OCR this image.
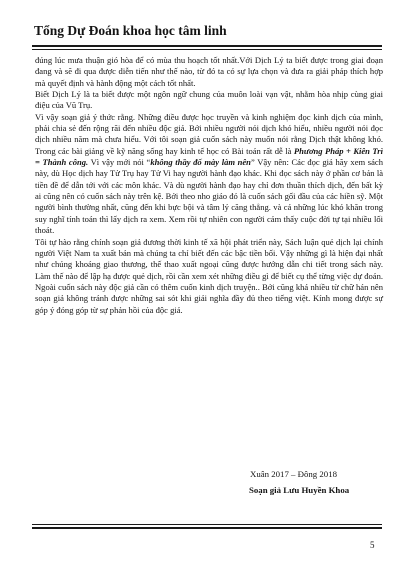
Tổng Dự Đoán khoa học tâm linh

đúng lúc mưa thuận gió hòa để có mùa thu hoạch tốt nhất.Với Dịch Lý ta biết được trong giai đoạn đang và sẽ đi qua được diễn tiến như thế nào, từ đó ta có sự lựa chọn và đưa ra giải pháp thích hợp mà quyết định và hành động một cách tốt nhất.

Biết Dịch Lý là ta biết được một ngôn ngữ chung của muôn loài vạn vật, nhằm hòa nhịp cùng giai điệu của Vũ Trụ.

Vì vậy soạn giả ý thức rằng. Những điều được học truyền và kinh nghiệm đọc kinh dịch của mình, phải chia sẻ đến rộng rãi đến nhiều độc giả. Bởi nhiều người nói dịch khó hiểu, nhiều người nói đọc dịch nhiều năm mà chưa hiểu. Với tôi soạn giả cuốn sách này muốn nói rằng Dịch thật không khó. Trong các bài giảng về kỹ năng sống hay kinh tế học có Bài toán rất dễ là Phương Pháp + Kiên Trì = Thành công. Vì vậy mới nói “không thầy đố mày làm nên” Vậy nên: Các đọc giả hãy xem sách này, dù Học dịch hay Tử Trụ hay Tử Vi hay người hành đạo khác. Khi đọc sách này ở phần cơ bản là tiền đề để dẫn tới với các môn khác. Và dù người hành đạo hay chỉ đơn thuần thích dịch, đến bất kỳ ai cũng nên có cuốn sách này trên kệ. Bởi theo nho giáo đó là cuốn sách gối đầu của các hiền sỹ. Một người bình thường nhất, cũng đến khi bực bội và tâm lý căng thẳng. và cả những lúc khó khăn trong suy nghĩ tính toán thì lấy dịch ra xem. Xem rồi tự nhiên con người cảm thấy cuộc đời tự tại nhiều lối thoát.

Tôi tự hào rằng chính soạn giả đương thời kinh tế xã hội phát triển này, Sách luận quẻ dịch lại chính người Việt Nam ta xuất bản mà chúng ta chỉ biết đến các bậc tiền bối. Vậy những gì là hiện đại nhất như chúng khoáng giao thương, thế thao xuất ngoại cũng được hướng dẫn chi tiết trong sách này. Làm thế nào để lập hạ được quẻ dịch, rồi cần xem xét những điều gì để biết cụ thể từng việc dự đoán. Ngoài cuốn sách này độc giả cần có thêm cuốn kinh dịch truyện.. Bởi cũng khá nhiều từ chữ hán nên soạn giả không tránh được những sai sót khi giải nghĩa đầy đủ theo tiếng việt. Kính mong được sự góp ý đóng góp từ sự phản hồi của độc giả.

Xuân 2017 – Đông 2018
Soạn giả Lưu Huyền Khoa
5
